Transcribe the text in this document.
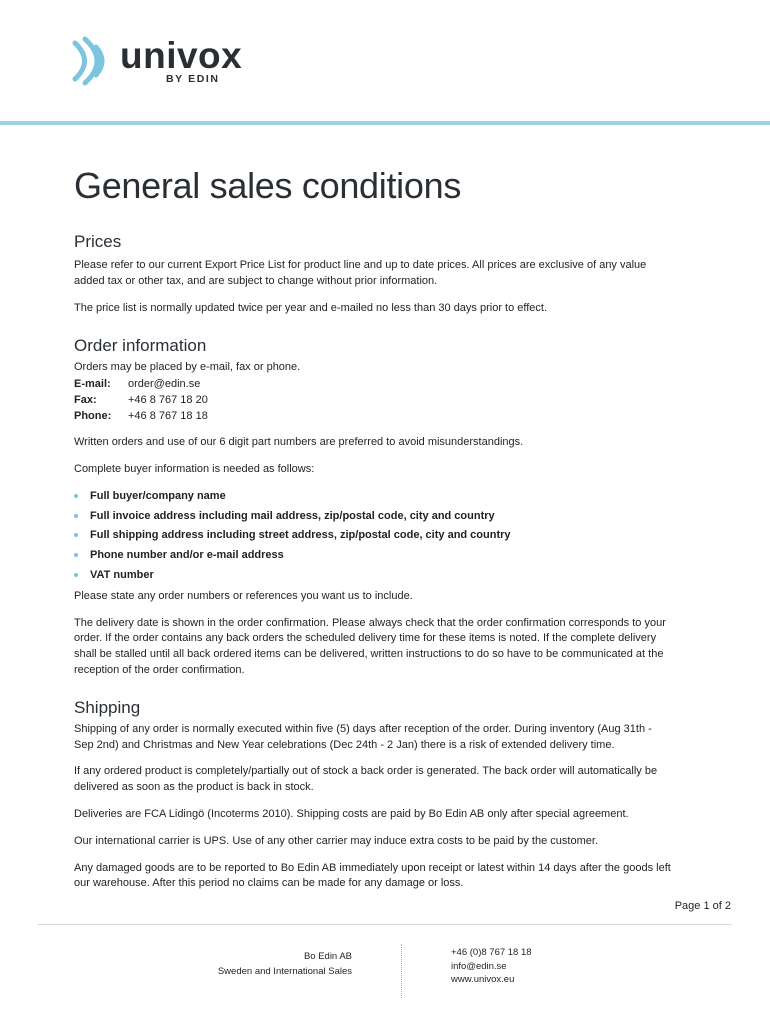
univox
BY EDIN
General sales conditions
Prices

Please refer to our current Export Price List for product line and up to date prices. All prices are exclusive of any value added tax or other tax, and are subject to change without prior information.

The price list is normally updated twice per year and e-mailed no less than 30 days prior to effect.

Order information

Orders may be placed by e-mail, fax or phone.

E-mail:	order@edin.se
Fax:	+46 8 767 18 20
Phone:	+46 8 767 18 18

Written orders and use of our 6 digit part numbers are preferred to avoid misunderstandings.

Complete buyer information is needed as follows:

Full buyer/company name
Full invoice address including mail address, zip/postal code, city and country
Full shipping address including street address, zip/postal code, city and country
Phone number and/or e-mail address
VAT number

Please state any order numbers or references you want us to include.

The delivery date is shown in the order confirmation. Please always check that the order confirmation corresponds to your order. If the order contains any back orders the scheduled delivery time for these items is noted. If the complete delivery shall be stalled until all back ordered items can be delivered, written instructions to do so have to be communicated at the reception of the order confirmation.

Shipping

Shipping of any order is normally executed within five (5) days after reception of the order. During inventory (Aug 31th - Sep 2nd) and Christmas and New Year celebrations (Dec 24th - 2 Jan) there is a risk of extended delivery time.

If any ordered product is completely/partially out of stock a back order is generated. The back order will automatically be delivered as soon as the product is back in stock.

Deliveries are FCA Lidingö (Incoterms 2010). Shipping costs are paid by Bo Edin AB only after special agreement.

Our international carrier is UPS. Use of any other carrier may induce extra costs to be paid by the customer.

Any damaged goods are to be reported to Bo Edin AB immediately upon receipt or latest within 14 days after the goods left our warehouse. After this period no claims can be made for any damage or loss.

Page 1 of 2
Bo Edin AB
Sweden and International Sales
+46 (0)8 767 18 18
info@edin.se
www.univox.eu
